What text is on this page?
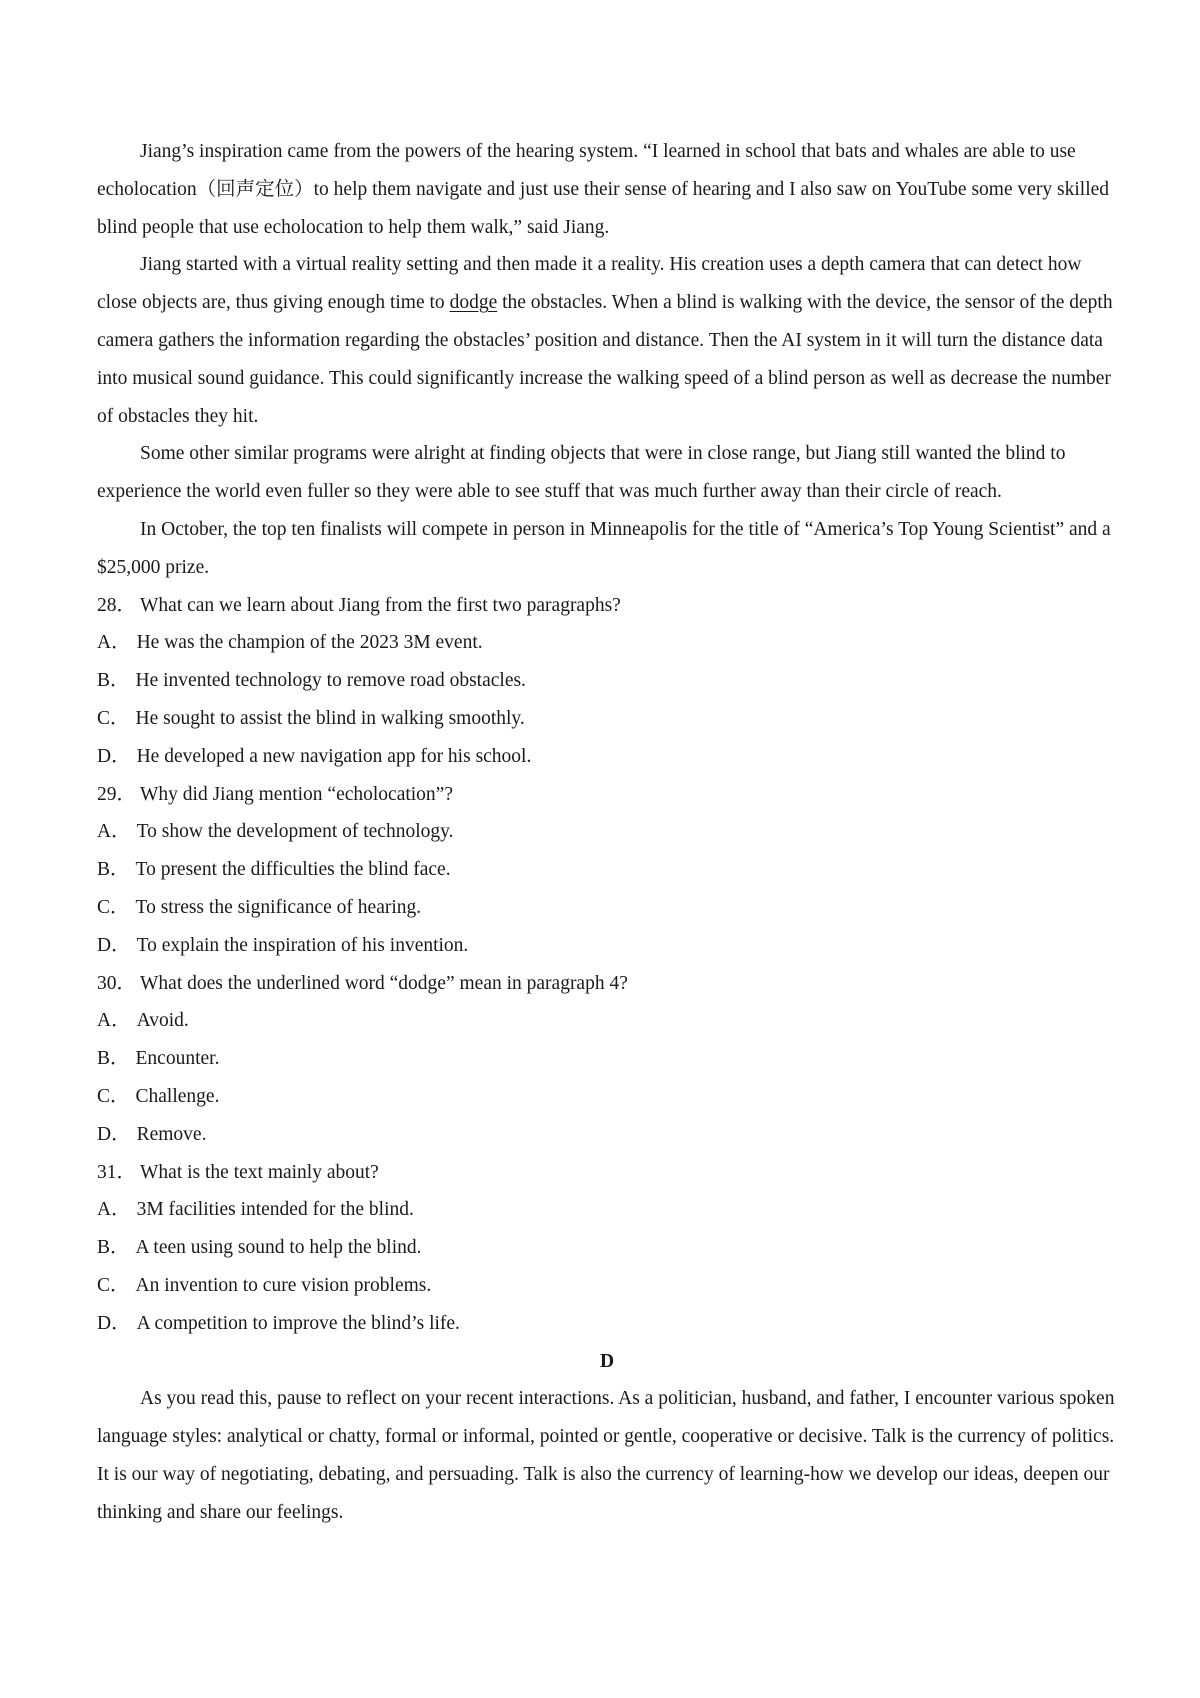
Jiang’s inspiration came from the powers of the hearing system. “I learned in school that bats and whales are able to use echolocation（回声定位）to help them navigate and just use their sense of hearing and I also saw on YouTube some very skilled blind people that use echolocation to help them walk,” said Jiang.

Jiang started with a virtual reality setting and then made it a reality. His creation uses a depth camera that can detect how close objects are, thus giving enough time to dodge the obstacles. When a blind is walking with the device, the sensor of the depth camera gathers the information regarding the obstacles’ position and distance. Then the AI system in it will turn the distance data into musical sound guidance. This could significantly increase the walking speed of a blind person as well as decrease the number of obstacles they hit.

Some other similar programs were alright at finding objects that were in close range, but Jiang still wanted the blind to experience the world even fuller so they were able to see stuff that was much further away than their circle of reach.

In October, the top ten finalists will compete in person in Minneapolis for the title of “America’s Top Young Scientist” and a $25,000 prize.

28． What can we learn about Jiang from the first two paragraphs?

A． He was the champion of the 2023 3M event.

B． He invented technology to remove road obstacles.

C． He sought to assist the blind in walking smoothly.

D． He developed a new navigation app for his school.

29． Why did Jiang mention “echolocation”?

A． To show the development of technology.

B． To present the difficulties the blind face.

C． To stress the significance of hearing.

D． To explain the inspiration of his invention.

30． What does the underlined word “dodge” mean in paragraph 4?

A． Avoid.

B． Encounter.

C． Challenge.

D． Remove.

31． What is the text mainly about?

A． 3M facilities intended for the blind.

B． A teen using sound to help the blind.

C． An invention to cure vision problems.

D． A competition to improve the blind’s life.

D

As you read this, pause to reflect on your recent interactions. As a politician, husband, and father, I encounter various spoken language styles: analytical or chatty, formal or informal, pointed or gentle, cooperative or decisive. Talk is the currency of politics. It is our way of negotiating, debating, and persuading. Talk is also the currency of learning-how we develop our ideas, deepen our thinking and share our feelings.
